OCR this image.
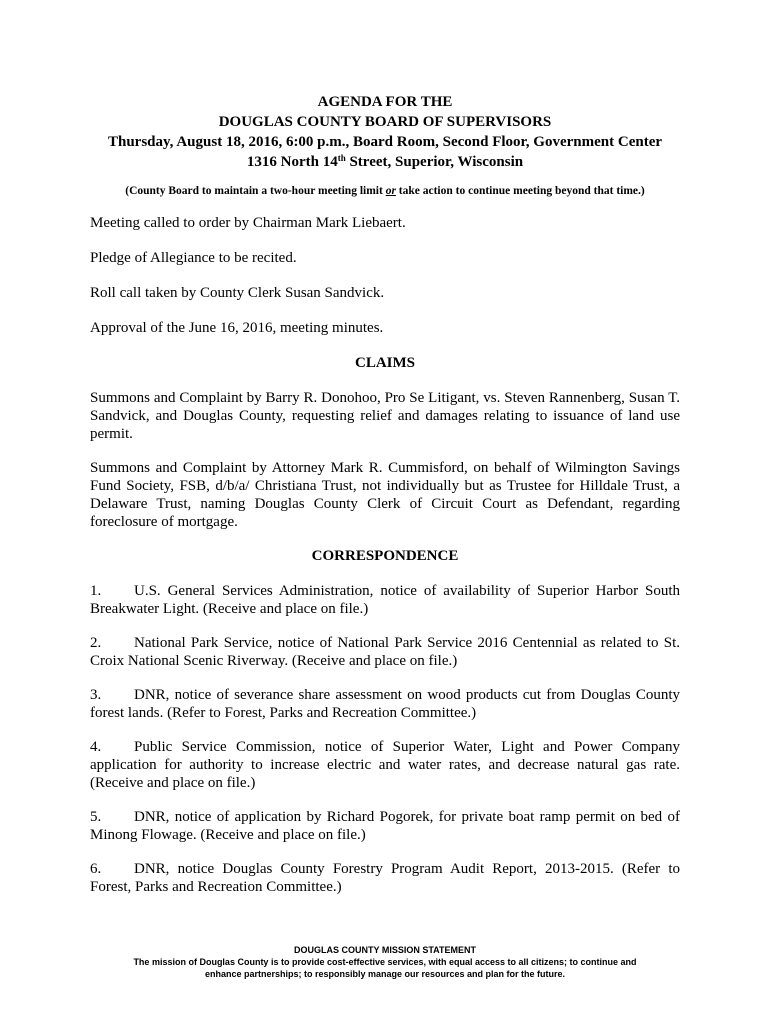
AGENDA FOR THE
DOUGLAS COUNTY BOARD OF SUPERVISORS
Thursday, August 18, 2016, 6:00 p.m., Board Room, Second Floor, Government Center
1316 North 14th Street, Superior, Wisconsin
(County Board to maintain a two-hour meeting limit or take action to continue meeting beyond that time.)

Meeting called to order by Chairman Mark Liebaert.

Pledge of Allegiance to be recited.

Roll call taken by County Clerk Susan Sandvick.

Approval of the June 16, 2016, meeting minutes.

CLAIMS

Summons and Complaint by Barry R. Donohoo, Pro Se Litigant, vs. Steven Rannenberg, Susan T. Sandvick, and Douglas County, requesting relief and damages relating to issuance of land use permit.

Summons and Complaint by Attorney Mark R. Cummisford, on behalf of Wilmington Savings Fund Society, FSB, d/b/a/ Christiana Trust, not individually but as Trustee for Hilldale Trust, a Delaware Trust, naming Douglas County Clerk of Circuit Court as Defendant, regarding foreclosure of mortgage.

CORRESPONDENCE

1. U.S. General Services Administration, notice of availability of Superior Harbor South Breakwater Light. (Receive and place on file.)

2. National Park Service, notice of National Park Service 2016 Centennial as related to St. Croix National Scenic Riverway. (Receive and place on file.)

3. DNR, notice of severance share assessment on wood products cut from Douglas County forest lands. (Refer to Forest, Parks and Recreation Committee.)

4. Public Service Commission, notice of Superior Water, Light and Power Company application for authority to increase electric and water rates, and decrease natural gas rate. (Receive and place on file.)

5. DNR, notice of application by Richard Pogorek, for private boat ramp permit on bed of Minong Flowage. (Receive and place on file.)

6. DNR, notice Douglas County Forestry Program Audit Report, 2013-2015. (Refer to Forest, Parks and Recreation Committee.)

DOUGLAS COUNTY MISSION STATEMENT
The mission of Douglas County is to provide cost-effective services, with equal access to all citizens; to continue and
enhance partnerships; to responsibly manage our resources and plan for the future.
